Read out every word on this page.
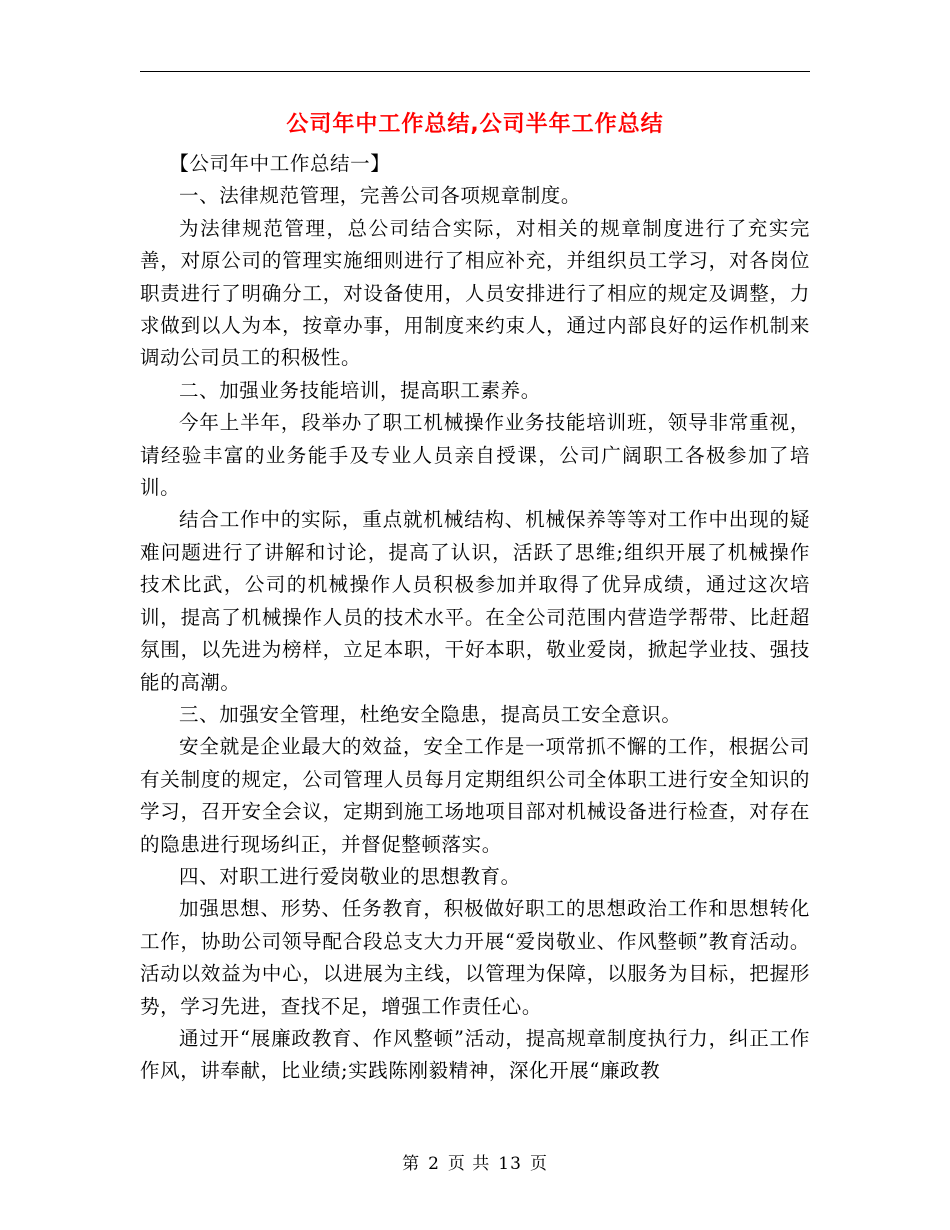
公司年中工作总结,公司半年工作总结

【公司年中工作总结一】

一、法律规范管理，完善公司各项规章制度。

为法律规范管理，总公司结合实际，对相关的规章制度进行了充实完善，对原公司的管理实施细则进行了相应补充，并组织员工学习，对各岗位职责进行了明确分工，对设备使用，人员安排进行了相应的规定及调整，力求做到以人为本，按章办事，用制度来约束人，通过内部良好的运作机制来调动公司员工的积极性。

二、加强业务技能培训，提高职工素养。

今年上半年，段举办了职工机械操作业务技能培训班，领导非常重视，请经验丰富的业务能手及专业人员亲自授课，公司广阔职工各极参加了培训。

结合工作中的实际，重点就机械结构、机械保养等等对工作中出现的疑难问题进行了讲解和讨论，提高了认识，活跃了思维;组织开展了机械操作技术比武，公司的机械操作人员积极参加并取得了优异成绩，通过这次培训，提高了机械操作人员的技术水平。在全公司范围内营造学帮带、比赶超氛围，以先进为榜样，立足本职，干好本职，敬业爱岗，掀起学业技、强技能的高潮。

三、加强安全管理，杜绝安全隐患，提高员工安全意识。

安全就是企业最大的效益，安全工作是一项常抓不懈的工作，根据公司有关制度的规定，公司管理人员每月定期组织公司全体职工进行安全知识的学习，召开安全会议，定期到施工场地项目部对机械设备进行检查，对存在的隐患进行现场纠正，并督促整顿落实。

四、对职工进行爱岗敬业的思想教育。

加强思想、形势、任务教育，积极做好职工的思想政治工作和思想转化工作，协助公司领导配合段总支大力开展“爱岗敬业、作风整顿”教育活动。活动以效益为中心，以进展为主线，以管理为保障，以服务为目标，把握形势，学习先进，查找不足，增强工作责任心。

通过开“展廉政教育、作风整顿”活动，提高规章制度执行力，纠正工作作风，讲奉献，比业绩;实践陈刚毅精神，深化开展“廉政教

第 2 页 共 13 页
